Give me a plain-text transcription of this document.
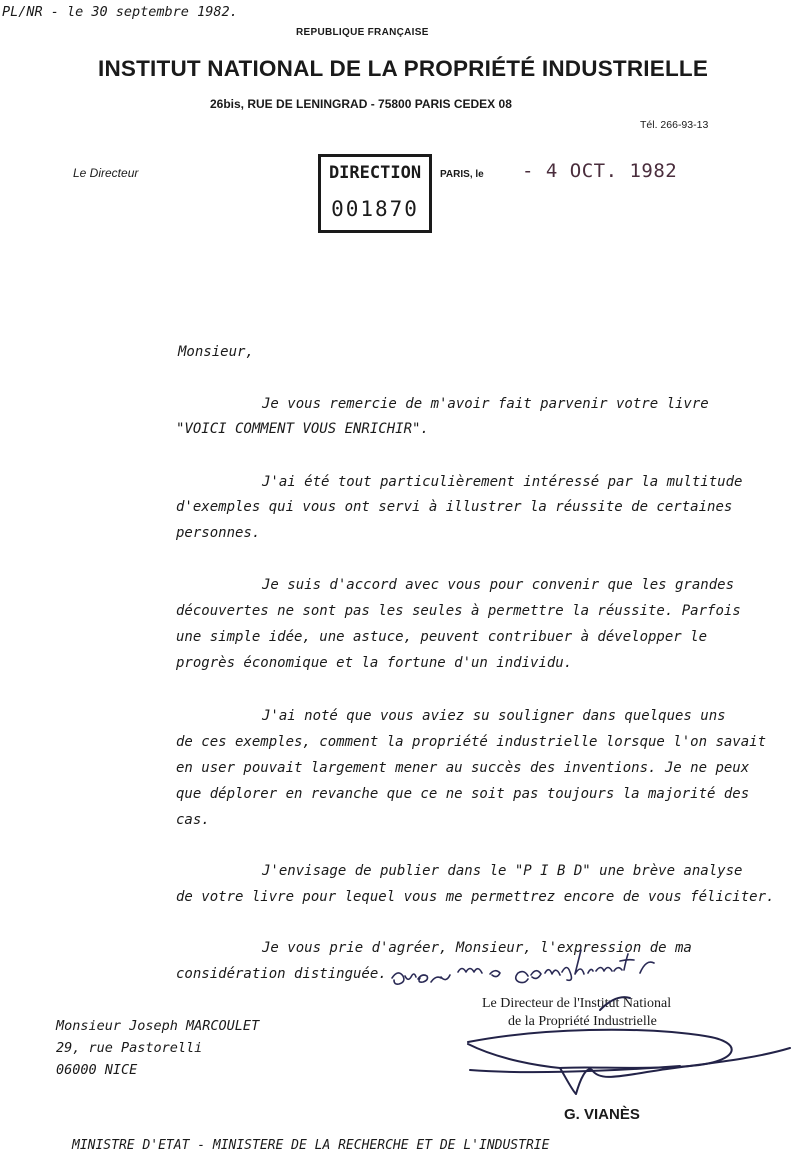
PL/NR - le 30 septembre 1982.
REPUBLIQUE FRANÇAISE
INSTITUT NATIONAL DE LA PROPRIÉTÉ INDUSTRIELLE
26bis, RUE DE LENINGRAD - 75800 PARIS CEDEX 08
Tél. 266-93-13
Le Directeur	DIRECTION
001870
PARIS, le - 4 OCT. 1982
Monsieur,
Je vous remercie de m'avoir fait parvenir votre livre
"VOICI COMMENT VOUS ENRICHIR".
J'ai été tout particulièrement intéressé par la multitude
d'exemples qui vous ont servi à illustrer la réussite de certaines
personnes.
Je suis d'accord avec vous pour convenir que les grandes
découvertes ne sont pas les seules à permettre la réussite. Parfois
une simple idée, une astuce, peuvent contribuer à développer le
progrès économique et la fortune d'un individu.
J'ai noté que vous aviez su souligner dans quelques uns
de ces exemples, comment la propriété industrielle lorsque l'on savait
en user pouvait largement mener au succès des inventions. Je ne peux
que déplorer en revanche que ce ne soit pas toujours la majorité des
cas.
J'envisage de publier dans le "P I B D" une brève analyse
de votre livre pour lequel vous me permettrez encore de vous féliciter.
Je vous prie d'agréer, Monsieur, l'expression de ma
considération distinguée.
Monsieur Joseph MARCOULET
29, rue Pastorelli
06000 NICE
Le Directeur de l'Institut National
de la Propriété Industrielle
G. VIANÈS
MINISTRE D'ETAT - MINISTERE DE LA RECHERCHE ET DE L'INDUSTRIE
